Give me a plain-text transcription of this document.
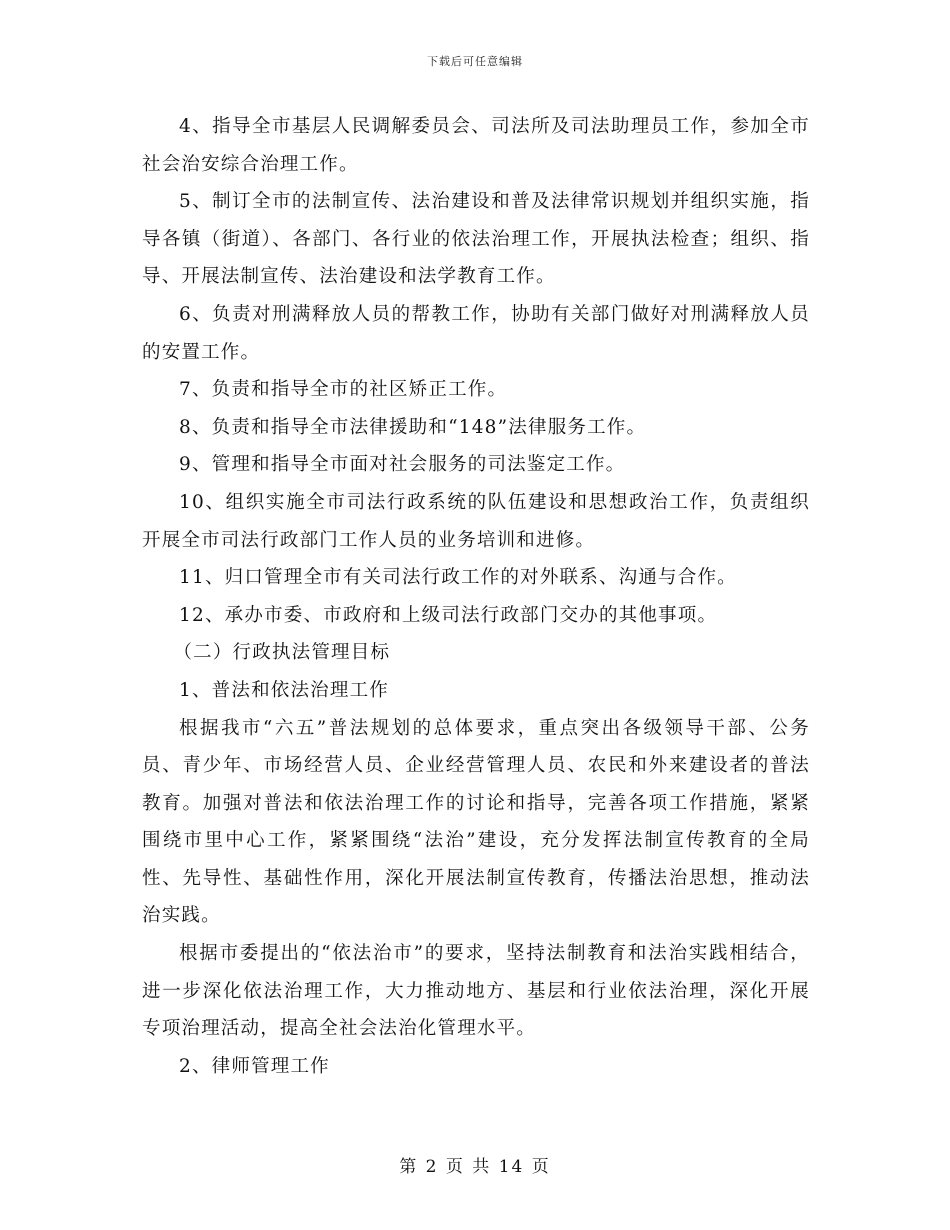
下载后可任意编辑

4、指导全市基层人民调解委员会、司法所及司法助理员工作，参加全市社会治安综合治理工作。

5、制订全市的法制宣传、法治建设和普及法律常识规划并组织实施，指导各镇（街道）、各部门、各行业的依法治理工作，开展执法检查；组织、指导、开展法制宣传、法治建设和法学教育工作。

6、负责对刑满释放人员的帮教工作，协助有关部门做好对刑满释放人员的安置工作。

7、负责和指导全市的社区矫正工作。

8、负责和指导全市法律援助和“148”法律服务工作。

9、管理和指导全市面对社会服务的司法鉴定工作。

10、组织实施全市司法行政系统的队伍建设和思想政治工作，负责组织开展全市司法行政部门工作人员的业务培训和进修。

11、归口管理全市有关司法行政工作的对外联系、沟通与合作。

12、承办市委、市政府和上级司法行政部门交办的其他事项。

（二）行政执法管理目标

1、普法和依法治理工作

根据我市“六五”普法规划的总体要求，重点突出各级领导干部、公务员、青少年、市场经营人员、企业经营管理人员、农民和外来建设者的普法教育。加强对普法和依法治理工作的讨论和指导，完善各项工作措施，紧紧围绕市里中心工作，紧紧围绕“法治”建设，充分发挥法制宣传教育的全局性、先导性、基础性作用，深化开展法制宣传教育，传播法治思想，推动法治实践。

根据市委提出的“依法治市”的要求，坚持法制教育和法治实践相结合，进一步深化依法治理工作，大力推动地方、基层和行业依法治理，深化开展专项治理活动，提高全社会法治化管理水平。

2、律师管理工作

第 2 页 共 14 页
